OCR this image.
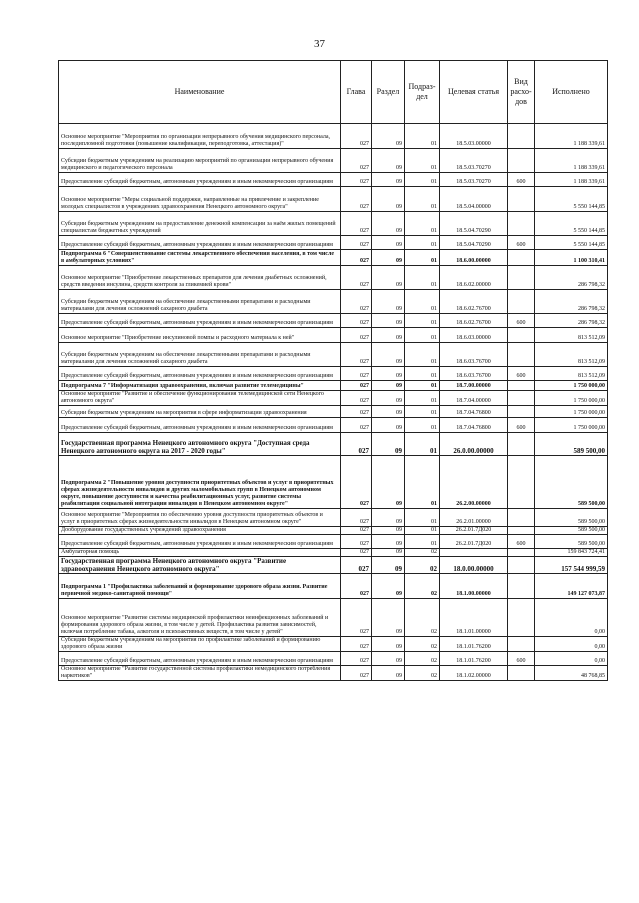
37
Наименование	Глава	Раздел	Подраз-дел	Целевая статья	Вид расхо-дов	Исполнено
Основное мероприятие "Мероприятия по организации непрерывного обучения медицинского персонала, последипломной подготовки (повышение квалификации, переподготовка, аттестация)"	027	09	01	18.5.03.00000		1 188 339,61
Субсидии бюджетным учреждениям на реализацию мероприятий по организации непрерывного обучения медицинского и педагогического персонала	027	09	01	18.5.03.70270		1 188 339,61
Предоставление субсидий бюджетным, автономным учреждениям и иным некоммерческим организациям	027	09	01	18.5.03.70270	600	1 188 339,61
Основное мероприятие "Меры социальной поддержки, направленные на привлечение и закрепление молодых специалистов в учреждениях здравоохранения Ненецкого автономного округа"	027	09	01	18.5.04.00000		5 550 144,85
Субсидии бюджетным учреждениям на предоставление денежной компенсации за наём жилых помещений специалистам бюджетных учреждений	027	09	01	18.5.04.70290		5 550 144,85
Предоставление субсидий бюджетным, автономным учреждениям и иным некоммерческим организациям	027	09	01	18.5.04.70290	600	5 550 144,85
Подпрограмма 6 "Совершенствование системы лекарственного обеспечения населения, в том числе в амбулаторных условиях"	027	09	01	18.6.00.00000		1 100 310,41
Основное мероприятие "Приобретение лекарственных препаратов для лечения диабетных осложнений, средств введения инсулина, средств контроля за гликемией крови"	027	09	01	18.6.02.00000		286 798,32
Субсидии бюджетным учреждениям на обеспечение лекарственными препаратами и расходными материалами для лечения осложнений сахарного диабета	027	09	01	18.6.02.76700		286 798,32
Предоставление субсидий бюджетным, автономным учреждениям и иным некоммерческим организациям	027	09	01	18.6.02.76700	600	286 798,32
Основное мероприятие "Приобретение инсулиновой помпы и расходного материала к ней"	027	09	01	18.6.03.00000		813 512,09
Субсидии бюджетным учреждениям на обеспечение лекарственными препаратами и расходными материалами для лечения осложнений сахарного диабета	027	09	01	18.6.03.76700		813 512,09
Предоставление субсидий бюджетным, автономным учреждениям и иным некоммерческим организациям	027	09	01	18.6.03.76700	600	813 512,09
Подпрограмма 7 "Информатизация здравоохранения, включая развитие телемедицины"	027	09	01	18.7.00.00000		1 750 000,00
Основное мероприятие "Развитие и обеспечение функционирования телемедицинской сети Ненецкого автономного округа"	027	09	01	18.7.04.00000		1 750 000,00
Субсидии бюджетным учреждениям на мероприятия в сфере информатизации здравоохранения	027	09	01	18.7.04.76800		1 750 000,00
Предоставление субсидий бюджетным, автономным учреждениям и иным некоммерческим организациям	027	09	01	18.7.04.76800	600	1 750 000,00
Государственная программа Ненецкого автономного округа "Доступная среда Ненецкого автономного округа на 2017 - 2020 годы"	027	09	01	26.0.00.00000		589 500,00
Подпрограмма 2 "Повышение уровня доступности приоритетных объектов и услуг в приоритетных сферах жизнедеятельности инвалидов и других маломобильных групп в Ненецком автономном округе, повышение доступности и качества реабилитационных услуг, развитие системы реабилитации социальной интеграции инвалидов в Ненецком автономном округе"	027	09	01	26.2.00.00000		589 500,00
Основное мероприятие "Мероприятия по обеспечению уровня доступности приоритетных объектов и услуг в приоритетных сферах жизнедеятельности инвалидов в Ненецком автономном округе"	027	09	01	26.2.01.00000		589 500,00
Дооборудование государственных учреждений здравоохранения	027	09	01	26.2.01.7Д020		589 500,00
Предоставление субсидий бюджетным, автономным учреждениям и иным некоммерческим организациям	027	09	01	26.2.01.7Д020	600	589 500,00
Амбулаторная помощь	027	09	02			159 843 724,41
Государственная программа Ненецкого автономного округа "Развитие здравоохранения Ненецкого автономного округа"	027	09	02	18.0.00.00000		157 544 999,59
Подпрограмма 1 "Профилактика заболеваний и формирование здорового образа жизни. Развитие первичной медико-санитарной помощи"	027	09	02	18.1.00.00000		149 127 073,87
Основное мероприятие "Развитие системы медицинской профилактики неинфекционных заболеваний и формирования здорового образа жизни, в том числе у детей. Профилактика развития зависимостей, включая потребление табака, алкоголя и психоактивных веществ, в том числе у детей"	027	09	02	18.1.01.00000		0,00
Субсидии бюджетным учреждениям на мероприятия по профилактике заболеваний и формированию здорового образа жизни	027	09	02	18.1.01.76200		0,00
Предоставление субсидий бюджетным, автономным учреждениям и иным некоммерческим организациям	027	09	02	18.1.01.76200	600	0,00
Основное мероприятие "Развитие государственной системы профилактики немедицинского потребления наркотиков"	027	09	02	18.1.02.00000		48 768,85
